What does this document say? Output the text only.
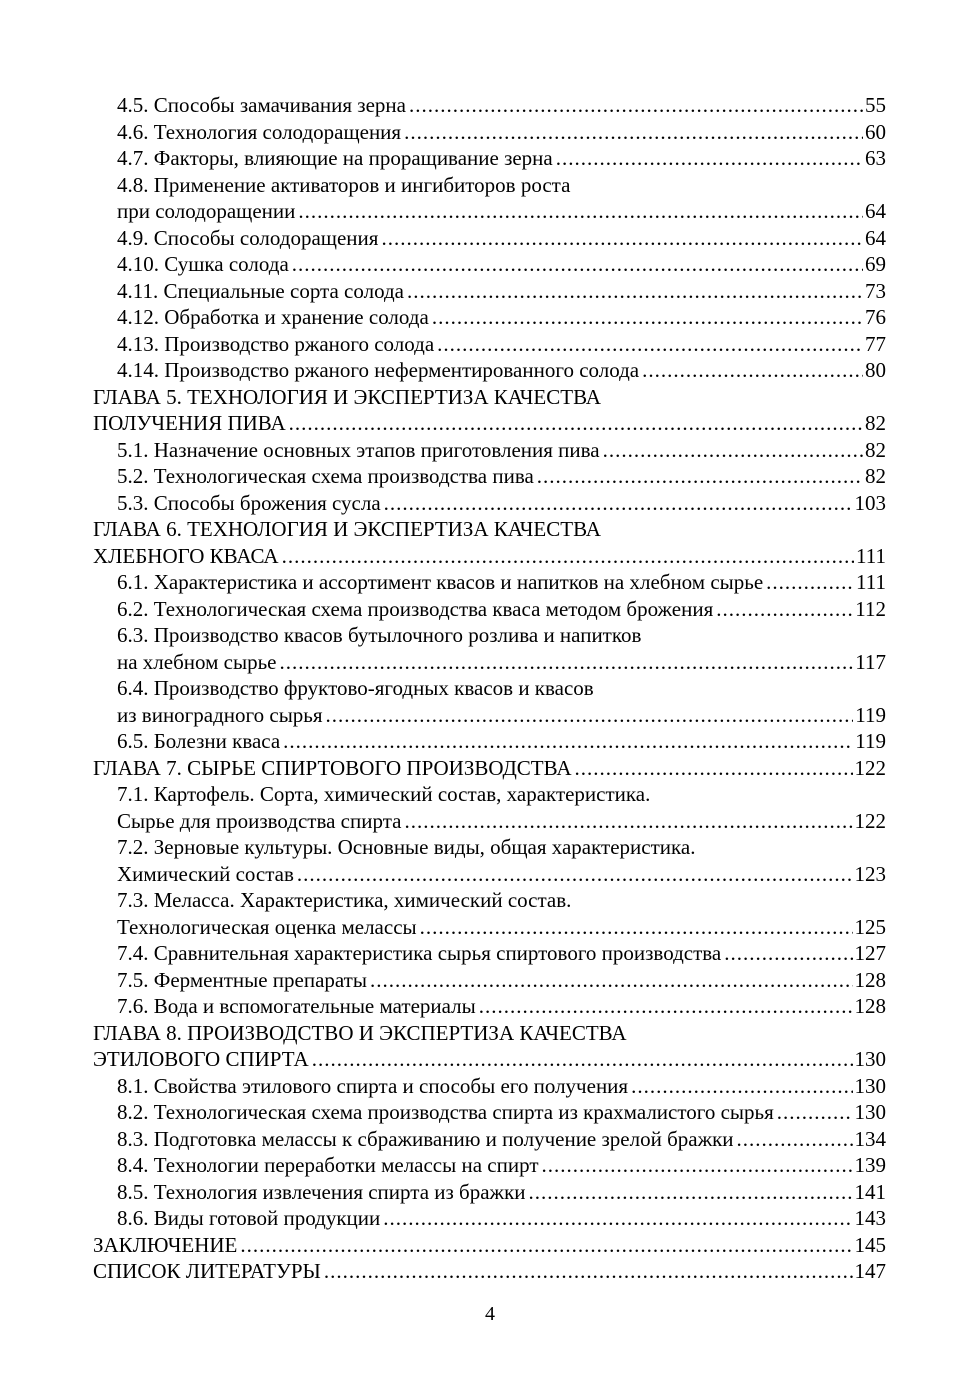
4.5. Способы замачивания зерна .....	55
4.6. Технология солодоращения .....	60
4.7. Факторы, влияющие на проращивание зерна .....	63
4.8. Применение активаторов и ингибиторов роста
при солодоращении .....	64
4.9. Способы солодоращения .....	64
4.10. Сушка солода .....	69
4.11. Специальные сорта солода .....	73
4.12. Обработка и хранение солода .....	76
4.13. Производство ржаного солода .....	77
4.14. Производство ржаного неферментированного солода .....	80
ГЛАВА 5. ТЕХНОЛОГИЯ И ЭКСПЕРТИЗА КАЧЕСТВА
ПОЛУЧЕНИЯ ПИВА .....	82
5.1. Назначение основных этапов приготовления пива .....	82
5.2. Технологическая схема производства пива .....	82
5.3. Способы брожения сусла .....	103
ГЛАВА 6. ТЕХНОЛОГИЯ И ЭКСПЕРТИЗА КАЧЕСТВА
ХЛЕБНОГО КВАСА .....	111
6.1. Характеристика и ассортимент квасов и напитков на хлебном сырье .....	111
6.2. Технологическая схема производства кваса методом брожения .....	112
6.3. Производство квасов бутылочного розлива и напитков
на хлебном сырье .....	117
6.4. Производство фруктово-ягодных квасов и квасов
из виноградного сырья .....	119
6.5. Болезни кваса .....	119
ГЛАВА 7. СЫРЬЕ СПИРТОВОГО ПРОИЗВОДСТВА .....	122
7.1. Картофель. Сорта, химический состав, характеристика.
Сырье для производства спирта .....	122
7.2. Зерновые культуры. Основные виды, общая характеристика.
Химический состав .....	123
7.3. Меласса. Характеристика, химический состав.
Технологическая оценка мелассы .....	125
7.4. Сравнительная характеристика сырья спиртового производства .....	127
7.5. Ферментные препараты .....	128
7.6. Вода и вспомогательные материалы .....	128
ГЛАВА 8. ПРОИЗВОДСТВО И ЭКСПЕРТИЗА КАЧЕСТВА
ЭТИЛОВОГО СПИРТА .....	130
8.1. Свойства этилового спирта и способы его получения .....	130
8.2. Технологическая схема производства спирта из крахмалистого сырья .....	130
8.3. Подготовка мелассы к сбраживанию и получение зрелой бражки .....	134
8.4. Технологии переработки мелассы на спирт .....	139
8.5. Технология извлечения спирта из бражки .....	141
8.6. Виды готовой продукции .....	143
ЗАКЛЮЧЕНИЕ .....	145
СПИСОК ЛИТЕРАТУРЫ .....	147
4
